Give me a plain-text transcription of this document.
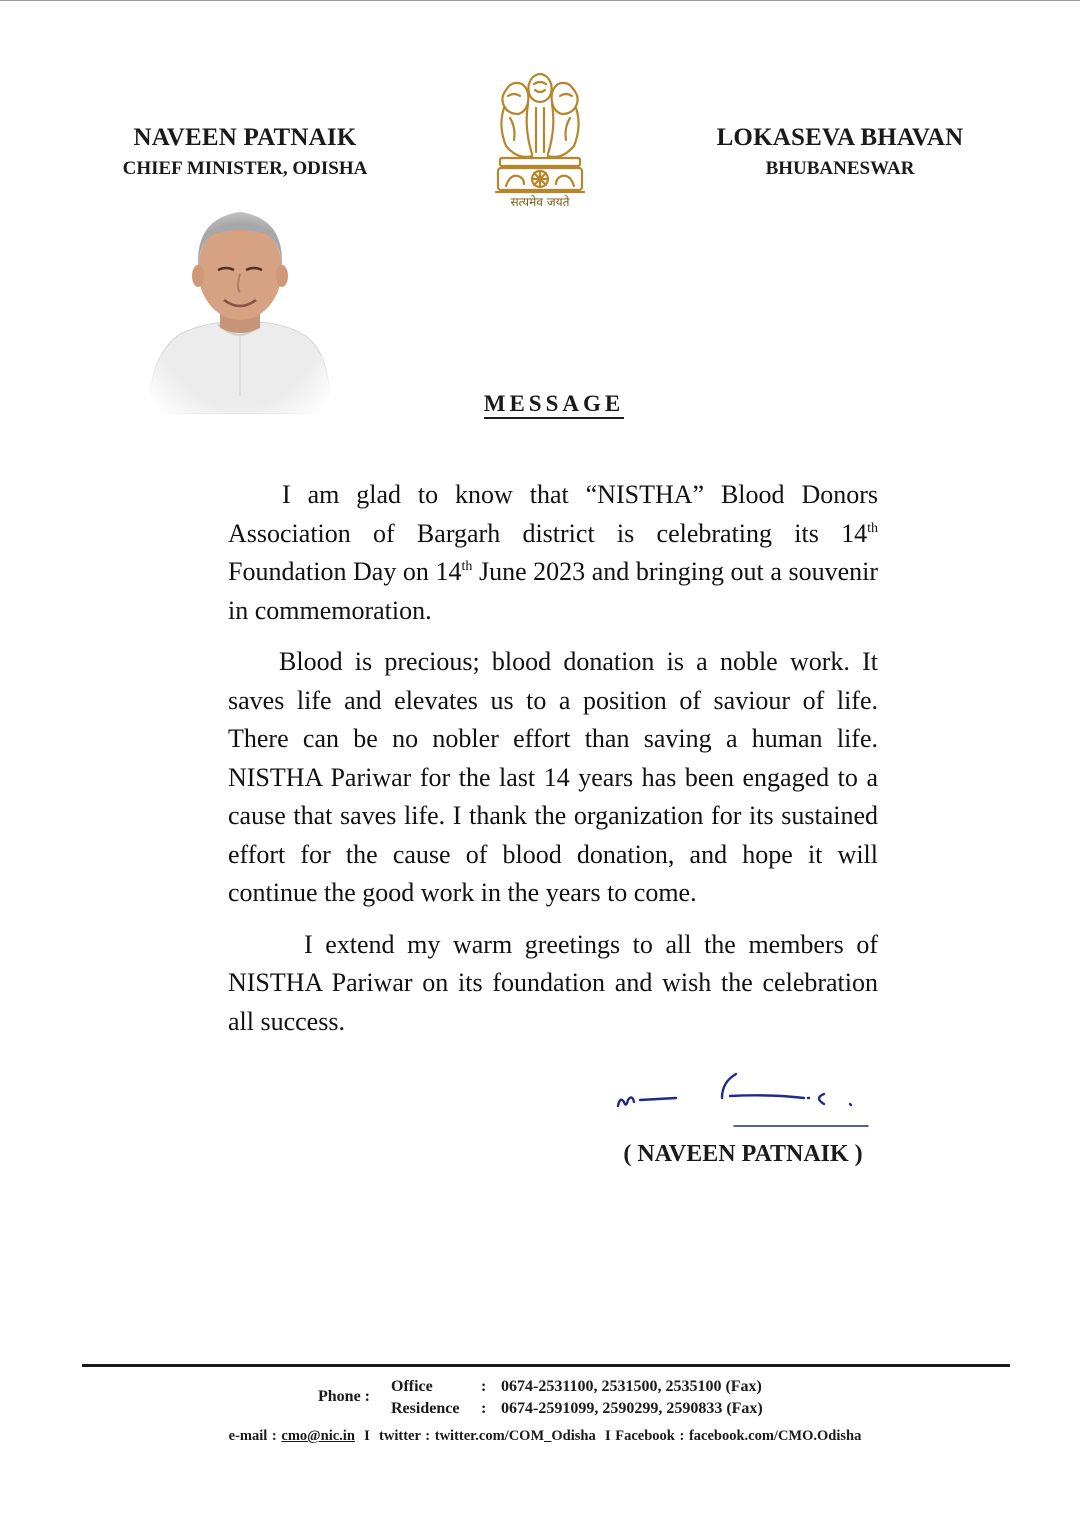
NAVEEN PATNAIK
CHIEF MINISTER, ODISHA
सत्यमेव जयते
LOKASEVA BHAVAN
BHUBANESWAR
MESSAGE

I am glad to know that “NISTHA” Blood Donors Association of Bargarh district is celebrating its 14th Foundation Day on 14th June 2023 and bringing out a souvenir in commemoration.

Blood is precious; blood donation is a noble work. It saves life and elevates us to a position of saviour of life. There can be no nobler effort than saving a human life. NISTHA Pariwar for the last 14 years has been engaged to a cause that saves life. I thank the organization for its sustained effort for the cause of blood donation, and hope it will continue the good work in the years to come.

I extend my warm greetings to all the members of NISTHA Pariwar on its foundation and wish the celebration all success.

( NAVEEN PATNAIK )
Phone :
Office	: 0674-2531100, 2531500, 2535100 (Fax)
Residence : 0674-2591099, 2590299, 2590833 (Fax)
e-mail : cmo@nic.in I twitter : twitter.com/COM_Odisha I Facebook : facebook.com/CMO.Odisha
